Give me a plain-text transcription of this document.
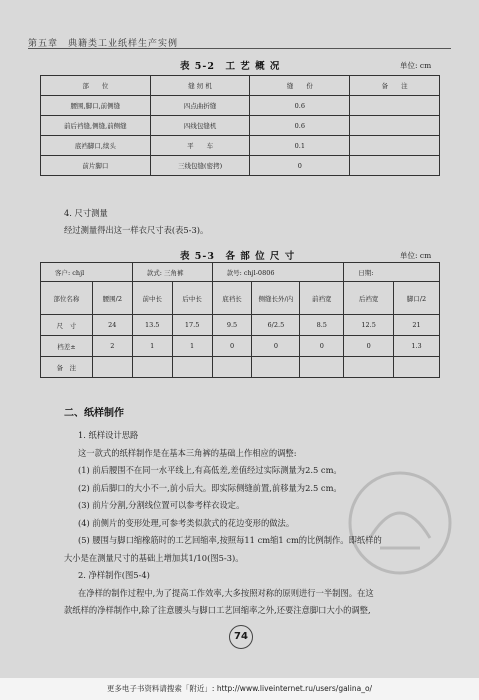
第五章　典籍类工业纸样生产实例
表 5-2　工 艺 概 况	单位: cm
部　　位	缝 纫 机	缝　　份	备　　注
腰围,脚口,前侧缝	四点曲折缝	0.6	
前后裆缝,侧缝,前侧缝	四线包缝机	0.6	
底裆脚口,续头	平　　车	0.1	
前片脚口	三线包缝(密拷)	0	
4. 尺寸测量
经过测量得出这一样衣尺寸表(表5-3)。
表 5-3　各 部 位 尺 寸	单位: cm
客户: chjl		款式: 三角裤		款号: chjl-0806			日期:	
部位名称	腰围/2	前中长	后中长	底裆长	侧缝长外/内	前裆宽	后裆宽	脚口/2
尺　寸	24	13.5	17.5	9.5	6/2.5	8.5	12.5	21
档差±	2	1	1	0	0	0	0	1.3
备　注								
二、纸样制作
1. 纸样设计思路
这一款式的纸样制作是在基本三角裤的基础上作相应的调整:
(1) 前后腰围不在同一水平线上,有高低差,差值经过实际测量为2.5 cm。
(2) 前后脚口的大小不一,前小后大。即实际侧缝前置,前移量为2.5 cm。
(3) 前片分割,分割线位置可以参考样衣设定。
(4) 前侧片的变形处理,可参考类似款式的花边变形的做法。
(5) 腰围与脚口缩橡筋时的工艺回缩率,按照每11 cm缩1 cm的比例制作。即纸样的
大小是在测量尺寸的基础上增加其1/10(图5-3)。
2. 净样制作(图5-4)
在净样的制作过程中,为了提高工作效率,大多按照对称的原则进行一半制图。在这
款纸样的净样制作中,除了注意腰头与脚口工艺回缩率之外,还要注意脚口大小的调整,
74
更多电子书资料请搜索「附近」: http://www.liveinternet.ru/users/galina_o/
